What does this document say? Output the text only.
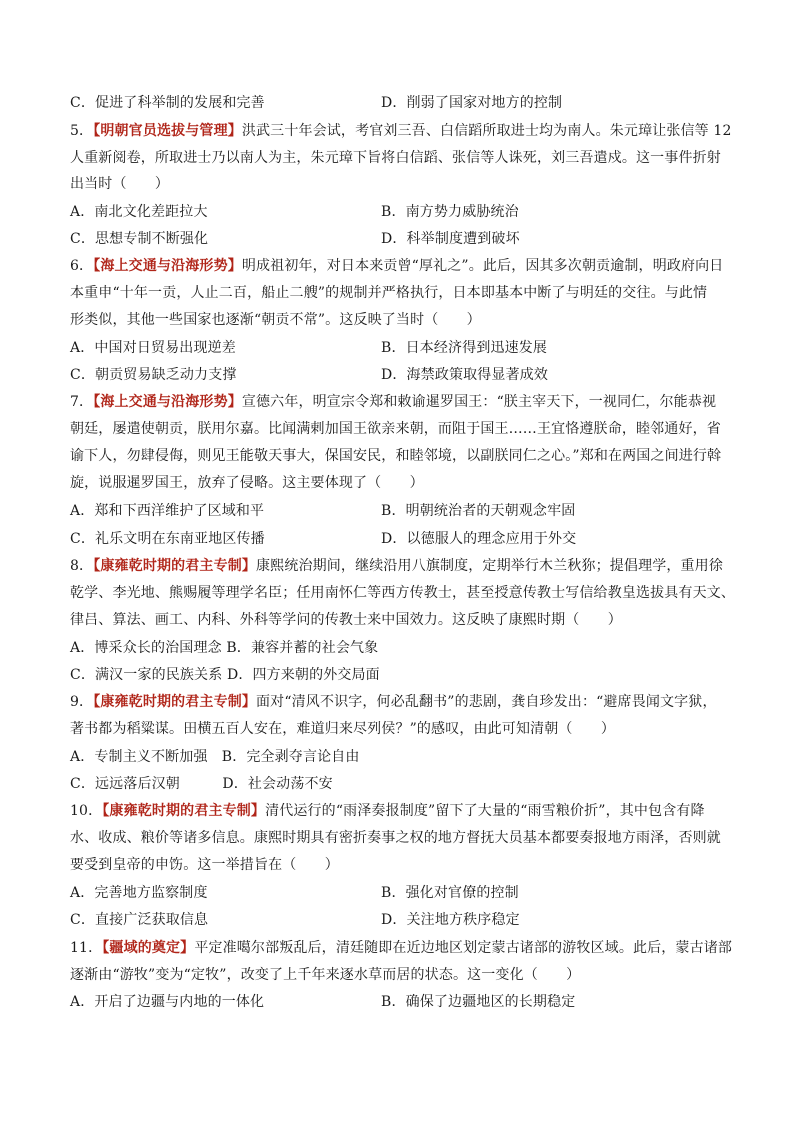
C．促进了科举制的发展和完善	D．削弱了国家对地方的控制
5．【明朝官员选拔与管理】洪武三十年会试，考官刘三吾、白信蹈所取进士均为南人。朱元璋让张信等 12
人重新阅卷，所取进士乃以南人为主，朱元璋下旨将白信蹈、张信等人诛死，刘三吾遣戍。这一事件折射
出当时（　　）
A．南北文化差距拉大	B．南方势力威胁统治
C．思想专制不断强化	D．科举制度遭到破坏
6．【海上交通与沿海形势】明成祖初年，对日本来贡曾“厚礼之”。此后，因其多次朝贡逾制，明政府向日
本重申“十年一贡，人止二百，船止二艘”的规制并严格执行，日本即基本中断了与明廷的交往。与此情
形类似，其他一些国家也逐渐“朝贡不常”。这反映了当时（　　）
A．中国对日贸易出现逆差	B．日本经济得到迅速发展
C．朝贡贸易缺乏动力支撑	D．海禁政策取得显著成效
7．【海上交通与沿海形势】宣德六年，明宣宗令郑和敕谕暹罗国王：“朕主宰天下，一视同仁，尔能恭视
朝廷，屡遣使朝贡，朕用尔嘉。比闻满剌加国王欲亲来朝，而阻于国王……王宜恪遵朕命，睦邻通好，省
谕下人，勿肆侵侮，则见王能敬天事大，保国安民，和睦邻境，以副朕同仁之心。”郑和在两国之间进行斡
旋，说服暹罗国王，放弃了侵略。这主要体现了（　　）
A．郑和下西洋维护了区域和平	B．明朝统治者的天朝观念牢固
C．礼乐文明在东南亚地区传播	D．以德服人的理念应用于外交
8．【康雍乾时期的君主专制】康熙统治期间，继续沿用八旗制度，定期举行木兰秋狝；提倡理学，重用徐
乾学、李光地、熊赐履等理学名臣；任用南怀仁等西方传教士，甚至授意传教士写信给教皇选拔具有天文、
律吕、算法、画工、内科、外科等学问的传教士来中国效力。这反映了康熙时期（　　）
A．博采众长的治国理念 B．兼容并蓄的社会气象
C．满汉一家的民族关系 D．四方来朝的外交局面
9．【康雍乾时期的君主专制】面对“清风不识字，何必乱翻书”的悲剧，龚自珍发出：“避席畏闻文字狱，
著书都为稻粱谋。田横五百人安在，难道归来尽列侯？”的感叹，由此可知清朝（　　）
A．专制主义不断加强　B．完全剥夺言论自由
C．远远落后汉朝　　　D．社会动荡不安
10．【康雍乾时期的君主专制】清代运行的“雨泽奏报制度”留下了大量的“雨雪粮价折”，其中包含有降
水、收成、粮价等诸多信息。康熙时期具有密折奏事之权的地方督抚大员基本都要奏报地方雨泽，否则就
要受到皇帝的申饬。这一举措旨在（　　）
A．完善地方监察制度	B．强化对官僚的控制
C．直接广泛获取信息	D．关注地方秩序稳定
11．【疆域的奠定】平定准噶尔部叛乱后，清廷随即在近边地区划定蒙古诸部的游牧区域。此后，蒙古诸部
逐渐由“游牧”变为“定牧”，改变了上千年来逐水草而居的状态。这一变化（　　）
A．开启了边疆与内地的一体化	B．确保了边疆地区的长期稳定
